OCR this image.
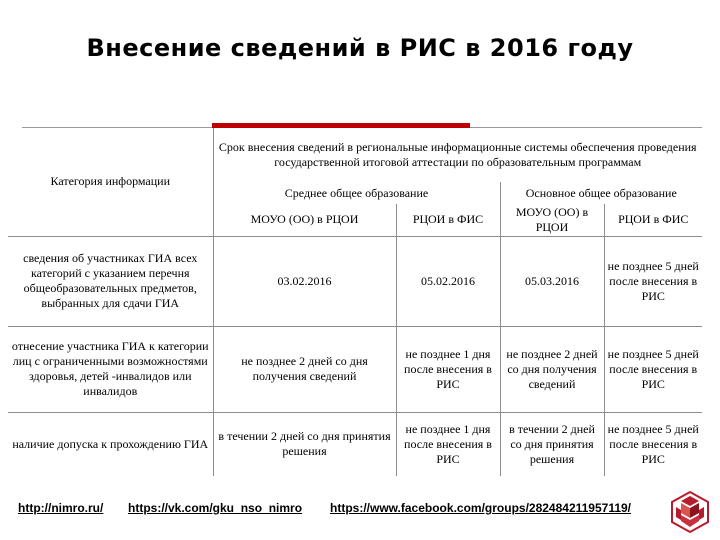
Внесение сведений в РИС в 2016 году
Категория информации	Срок внесения сведений в региональные информационные системы обеспечения проведения государственной итоговой аттестации по образовательным программам			
	Среднее общее образование		Основное общее образование	
	МОУО (ОО) в РЦОИ	РЦОИ в ФИС	МОУО (ОО) в РЦОИ	РЦОИ в ФИС
сведения об участниках ГИА всех категорий с указанием перечня общеобразовательных предметов, выбранных для сдачи ГИА	03.02.2016	05.02.2016	05.03.2016	не позднее 5 дней после внесения в РИС
отнесение участника ГИА к категории лиц с ограниченными возможностями здоровья, детей -инвалидов или инвалидов	не позднее 2 дней со дня получения сведений	не позднее 1 дня после внесения в РИС	не позднее 2 дней со дня получения сведений	не позднее 5 дней после внесения в РИС
наличие допуска к прохождению ГИА	в течении 2 дней со дня принятия решения	не позднее 1 дня после внесения в РИС	в течении 2 дней со дня принятия решения	не позднее 5 дней после внесения в РИС
http://nimro.ru/ https://vk.com/gku_nso_nimro https://www.facebook.com/groups/282484211957119/
